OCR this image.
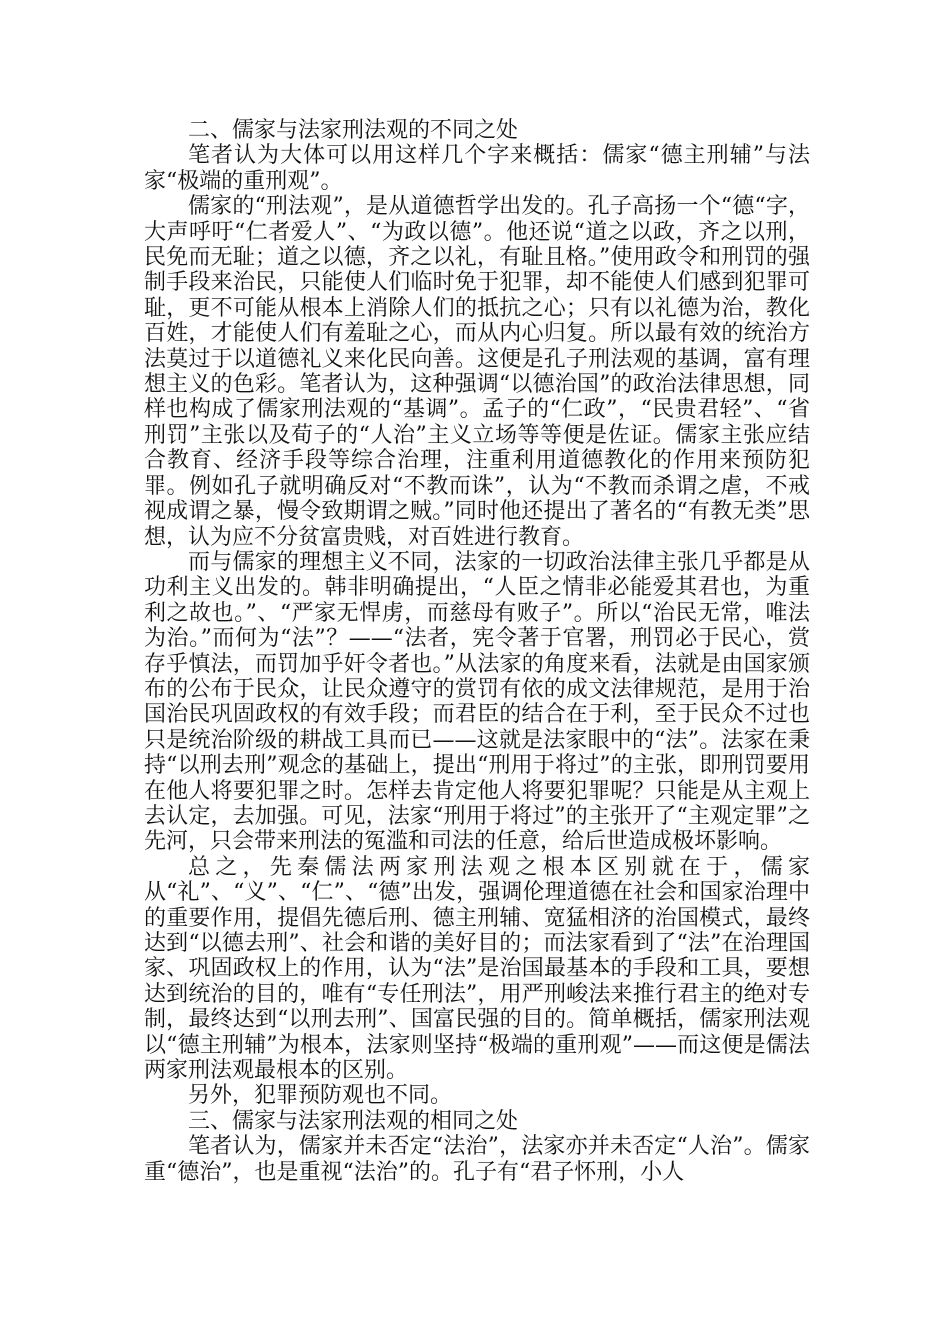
二、儒家与法家刑法观的不同之处

笔者认为大体可以用这样几个字来概括：儒家“德主刑辅”与法家“极端的重刑观”。

儒家的“刑法观”，是从道德哲学出发的。孔子高扬一个“德“字，大声呼吁“仁者爱人”、“为政以德”。他还说“道之以政，齐之以刑，民免而无耻；道之以德，齐之以礼，有耻且格。”使用政令和刑罚的强制手段来治民，只能使人们临时免于犯罪，却不能使人们感到犯罪可耻，更不可能从根本上消除人们的抵抗之心；只有以礼德为治，教化百姓，才能使人们有羞耻之心，而从内心归复。所以最有效的统治方法莫过于以道德礼义来化民向善。这便是孔子刑法观的基调，富有理想主义的色彩。笔者认为，这种强调“以德治国”的政治法律思想，同样也构成了儒家刑法观的“基调”。孟子的“仁政”，“民贵君轻”、“省刑罚”主张以及荀子的“人治”主义立场等等便是佐证。儒家主张应结合教育、经济手段等综合治理，注重利用道德教化的作用来预防犯罪。例如孔子就明确反对“不教而诛”，认为“不教而杀谓之虐，不戒视成谓之暴，慢令致期谓之贼。”同时他还提出了著名的“有教无类”思想，认为应不分贫富贵贱，对百姓进行教育。

而与儒家的理想主义不同，法家的一切政治法律主张几乎都是从功利主义出发的。韩非明确提出，“人臣之情非必能爱其君也，为重利之故也。”、“严家无悍虏，而慈母有败子”。所以“治民无常，唯法为治。”而何为“法”？——“法者，宪令著于官署，刑罚必于民心，赏存乎慎法，而罚加乎奸令者也。”从法家的角度来看，法就是由国家颁布的公布于民众，让民众遵守的赏罚有依的成文法律规范，是用于治国治民巩固政权的有效手段；而君臣的结合在于利，至于民众不过也只是统治阶级的耕战工具而已——这就是法家眼中的“法”。法家在秉持“以刑去刑”观念的基础上，提出“刑用于将过”的主张，即刑罚要用在他人将要犯罪之时。怎样去肯定他人将要犯罪呢？只能是从主观上去认定，去加强。可见，法家“刑用于将过”的主张开了“主观定罪”之先河，只会带来刑法的冤滥和司法的任意，给后世造成极坏影响。

总之，先秦儒法两家刑法观之根本区别就在于，儒家从“礼”、“义”、“仁”、“德”出发，强调伦理道德在社会和国家治理中的重要作用，提倡先德后刑、德主刑辅、宽猛相济的治国模式，最终达到“以德去刑”、社会和谐的美好目的；而法家看到了“法”在治理国家、巩固政权上的作用，认为“法”是治国最基本的手段和工具，要想达到统治的目的，唯有“专任刑法”，用严刑峻法来推行君主的绝对专制，最终达到“以刑去刑”、国富民强的目的。简单概括，儒家刑法观以“德主刑辅”为根本，法家则坚持“极端的重刑观”——而这便是儒法两家刑法观最根本的区别。

另外，犯罪预防观也不同。

三、儒家与法家刑法观的相同之处

笔者认为，儒家并未否定“法治”，法家亦并未否定“人治”。儒家重“德治”，也是重视“法治”的。孔子有“君子怀刑，小人
